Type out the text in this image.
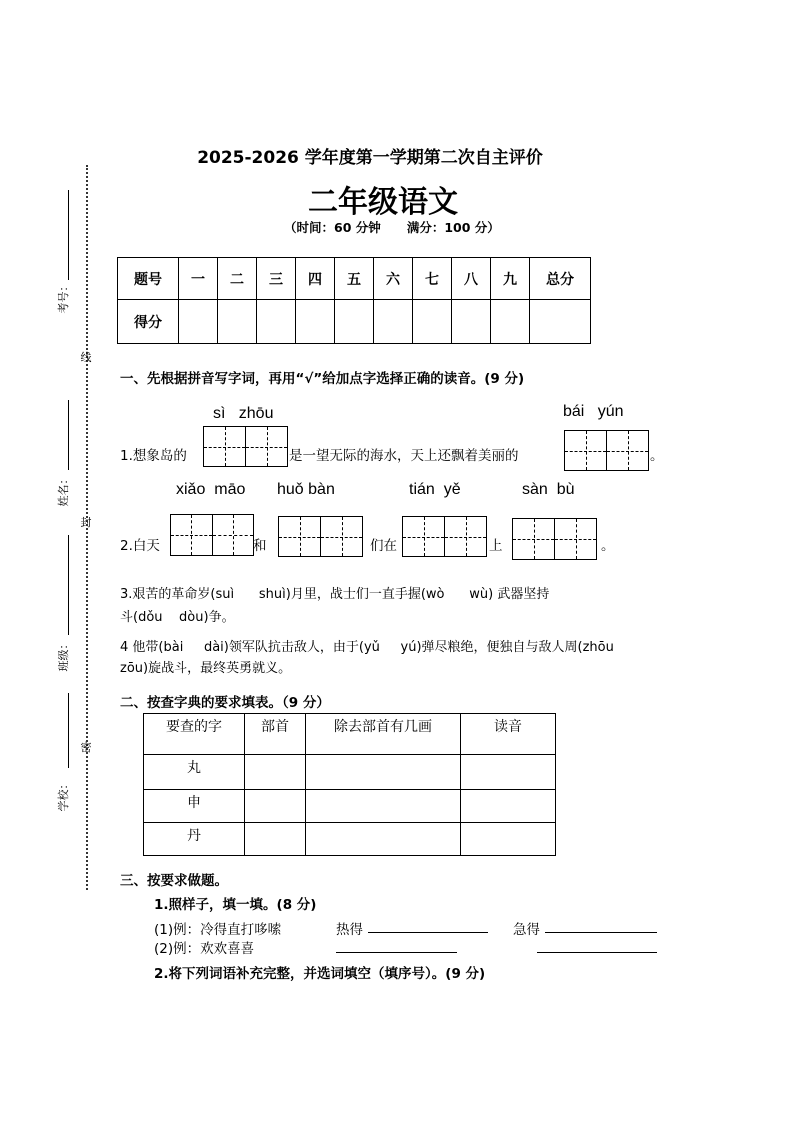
考号：
线
姓名：
封
班级：
密
学校：
2025-2026 学年度第一学期第二次自主评价
二年级语文
（时间：60 分钟      满分：100 分）
题号	一	二	三	四	五	六	七	八	九	总分
得分										
一、先根据拼音写字词，再用“√”给加点字选择正确的读音。(9 分)
sì   zhōu	bái   yún
1.想象岛的	是一望无际的海水，天上还飘着美丽的	。
xiǎo  māo huǒ bàn	tián  yě	sàn  bù
2.白天	和	们在	上	。
3.艰苦的革命岁(suì      shuì)月里，战士们一直手握(wò      wù) 武器坚持
斗(dǒu    dòu)争。
4 他带(bài     dài)领军队抗击敌人，由于(yǔ     yú)弹尽粮绝，便独自与敌人周(zhōu
zōu)旋战斗，最终英勇就义。
二、按查字典的要求填表。（9 分）
要查的字	部首	除去部首有几画	读音
丸			
申			
丹			
三、按要求做题。
1.照样子，填一填。(8 分)
(1)例：冷得直打哆嗦	热得	急得
(2)例：欢欢喜喜
2.将下列词语补充完整，并选词填空（填序号）。(9 分)
